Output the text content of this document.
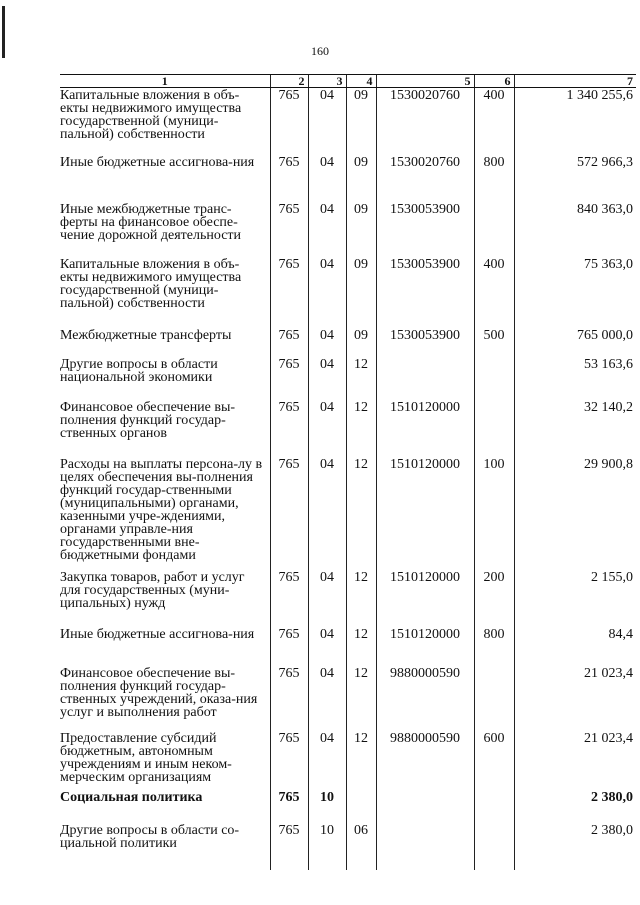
160
1	2	3	4	5	6	7
Капитальные вложения в объ-екты недвижимого имущества государственной (муници-пальной) собственности	765	04	09	1530020760	400	1 340 255,6
Иные бюджетные ассигнова-ния	765	04	09	1530020760	800	572 966,3
Иные межбюджетные транс-ферты на финансовое обеспе-чение дорожной деятельности	765	04	09	1530053900		840 363,0
Капитальные вложения в объ-екты недвижимого имущества государственной (муници-пальной) собственности	765	04	09	1530053900	400	75 363,0
Межбюджетные трансферты	765	04	09	1530053900	500	765 000,0
Другие вопросы в области национальной экономики	765	04	12			53 163,6
Финансовое обеспечение вы-полнения функций государ-ственных органов	765	04	12	1510120000		32 140,2
Расходы на выплаты персона-лу в целях обеспечения вы-полнения функций государ-ственными (муниципальными) органами, казенными учре-ждениями, органами управле-ния государственными вне-бюджетными фондами	765	04	12	1510120000	100	29 900,8
Закупка товаров, работ и услуг для государственных (муни-ципальных) нужд	765	04	12	1510120000	200	2 155,0
Иные бюджетные ассигнова-ния	765	04	12	1510120000	800	84,4
Финансовое обеспечение вы-полнения функций государ-ственных учреждений, оказа-ния услуг и выполнения работ	765	04	12	9880000590		21 023,4
Предоставление субсидий бюджетным, автономным учреждениям и иным неком-мерческим организациям	765	04	12	9880000590	600	21 023,4
Социальная политика	765	10				2 380,0
Другие вопросы в области со-циальной политики	765	10	06			2 380,0
